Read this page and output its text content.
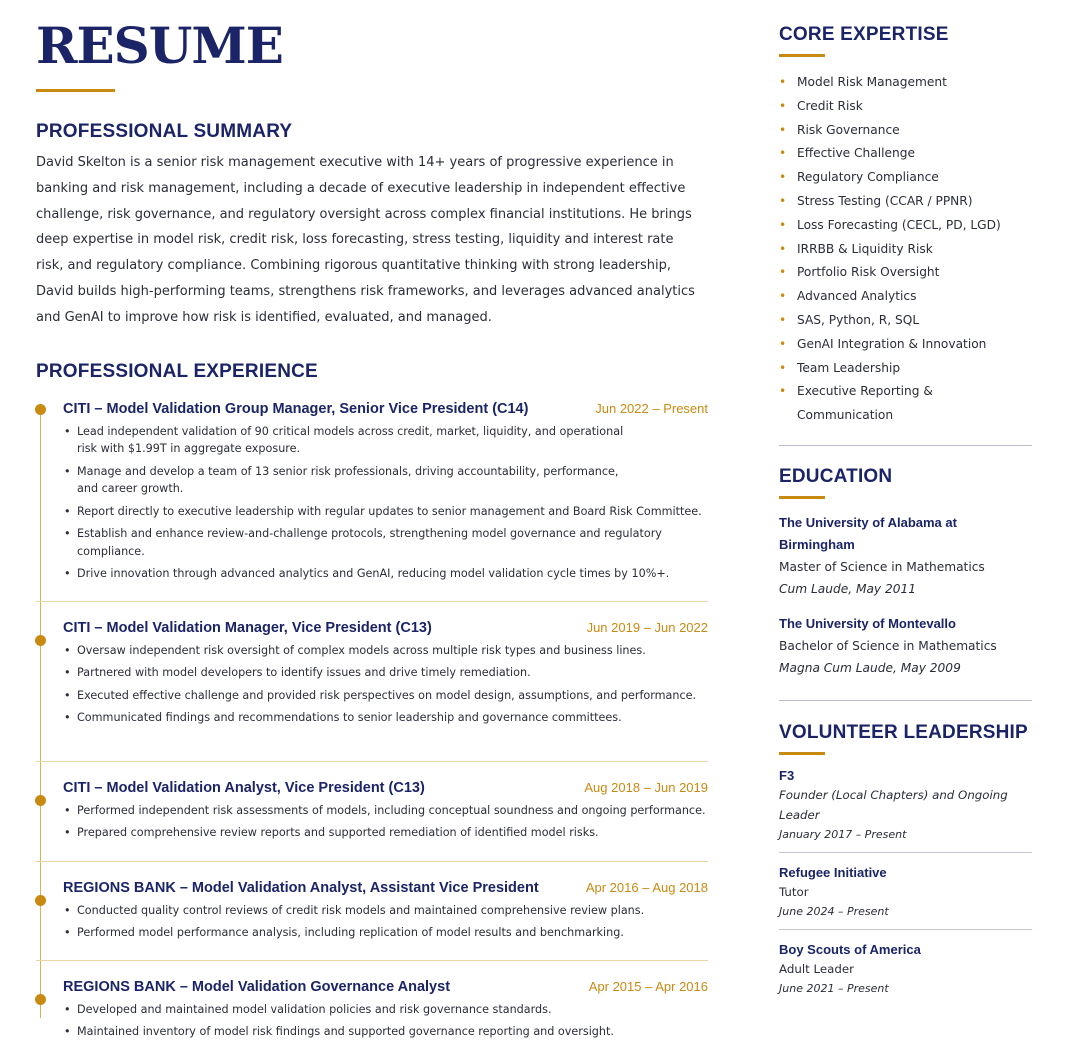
RESUME
PROFESSIONAL SUMMARY
David Skelton is a senior risk management executive with 14+ years of progressive experience in banking and risk management, including a decade of executive leadership in independent effective challenge, risk governance, and regulatory oversight across complex financial institutions. He brings deep expertise in model risk, credit risk, loss forecasting, stress testing, liquidity and interest rate risk, and regulatory compliance. Combining rigorous quantitative thinking with strong leadership, David builds high-performing teams, strengthens risk frameworks, and leverages advanced analytics and GenAI to improve how risk is identified, evaluated, and managed.
PROFESSIONAL EXPERIENCE
CITI – Model Validation Group Manager, Senior Vice President (C14)	Jun 2022 – Present
• Lead independent validation of 90 critical models across credit, market, liquidity, and operational risk with $1.99T in aggregate exposure.
• Manage and develop a team of 13 senior risk professionals, driving accountability, performance, and career growth.
• Report directly to executive leadership with regular updates to senior management and Board Risk Committee.
• Establish and enhance review-and-challenge protocols, strengthening model governance and regulatory compliance.
• Drive innovation through advanced analytics and GenAI, reducing model validation cycle times by 10%+.
CITI – Model Validation Manager, Vice President (C13)	Jun 2019 – Jun 2022
• Oversaw independent risk oversight of complex models across multiple risk types and business lines.
• Partnered with model developers to identify issues and drive timely remediation.
• Executed effective challenge and provided risk perspectives on model design, assumptions, and performance.
• Communicated findings and recommendations to senior leadership and governance committees.
CITI – Model Validation Analyst, Vice President (C13)	Aug 2018 – Jun 2019
• Performed independent risk assessments of models, including conceptual soundness and ongoing performance.
• Prepared comprehensive review reports and supported remediation of identified model risks.
REGIONS BANK – Model Validation Analyst, Assistant Vice President	Apr 2016 – Aug 2018
• Conducted quality control reviews of credit risk models and maintained comprehensive review plans.
• Performed model performance analysis, including replication of model results and benchmarking.
REGIONS BANK – Model Validation Governance Analyst	Apr 2015 – Apr 2016
• Developed and maintained model validation policies and risk governance standards.
• Maintained inventory of model risk findings and supported governance reporting and oversight.
CORE EXPERTISE
• Model Risk Management
• Credit Risk
• Risk Governance
• Effective Challenge
• Regulatory Compliance
• Stress Testing (CCAR / PPNR)
• Loss Forecasting (CECL, PD, LGD)
• IRRBB & Liquidity Risk
• Portfolio Risk Oversight
• Advanced Analytics
• SAS, Python, R, SQL
• GenAI Integration & Innovation
• Team Leadership
• Executive Reporting & Communication
EDUCATION
The University of Alabama at Birmingham
Master of Science in Mathematics
Cum Laude, May 2011
The University of Montevallo
Bachelor of Science in Mathematics
Magna Cum Laude, May 2009
VOLUNTEER LEADERSHIP
F3
Founder (Local Chapters) and Ongoing Leader
January 2017 – Present
Refugee Initiative
Tutor
June 2024 – Present
Boy Scouts of America
Adult Leader
June 2021 – Present
